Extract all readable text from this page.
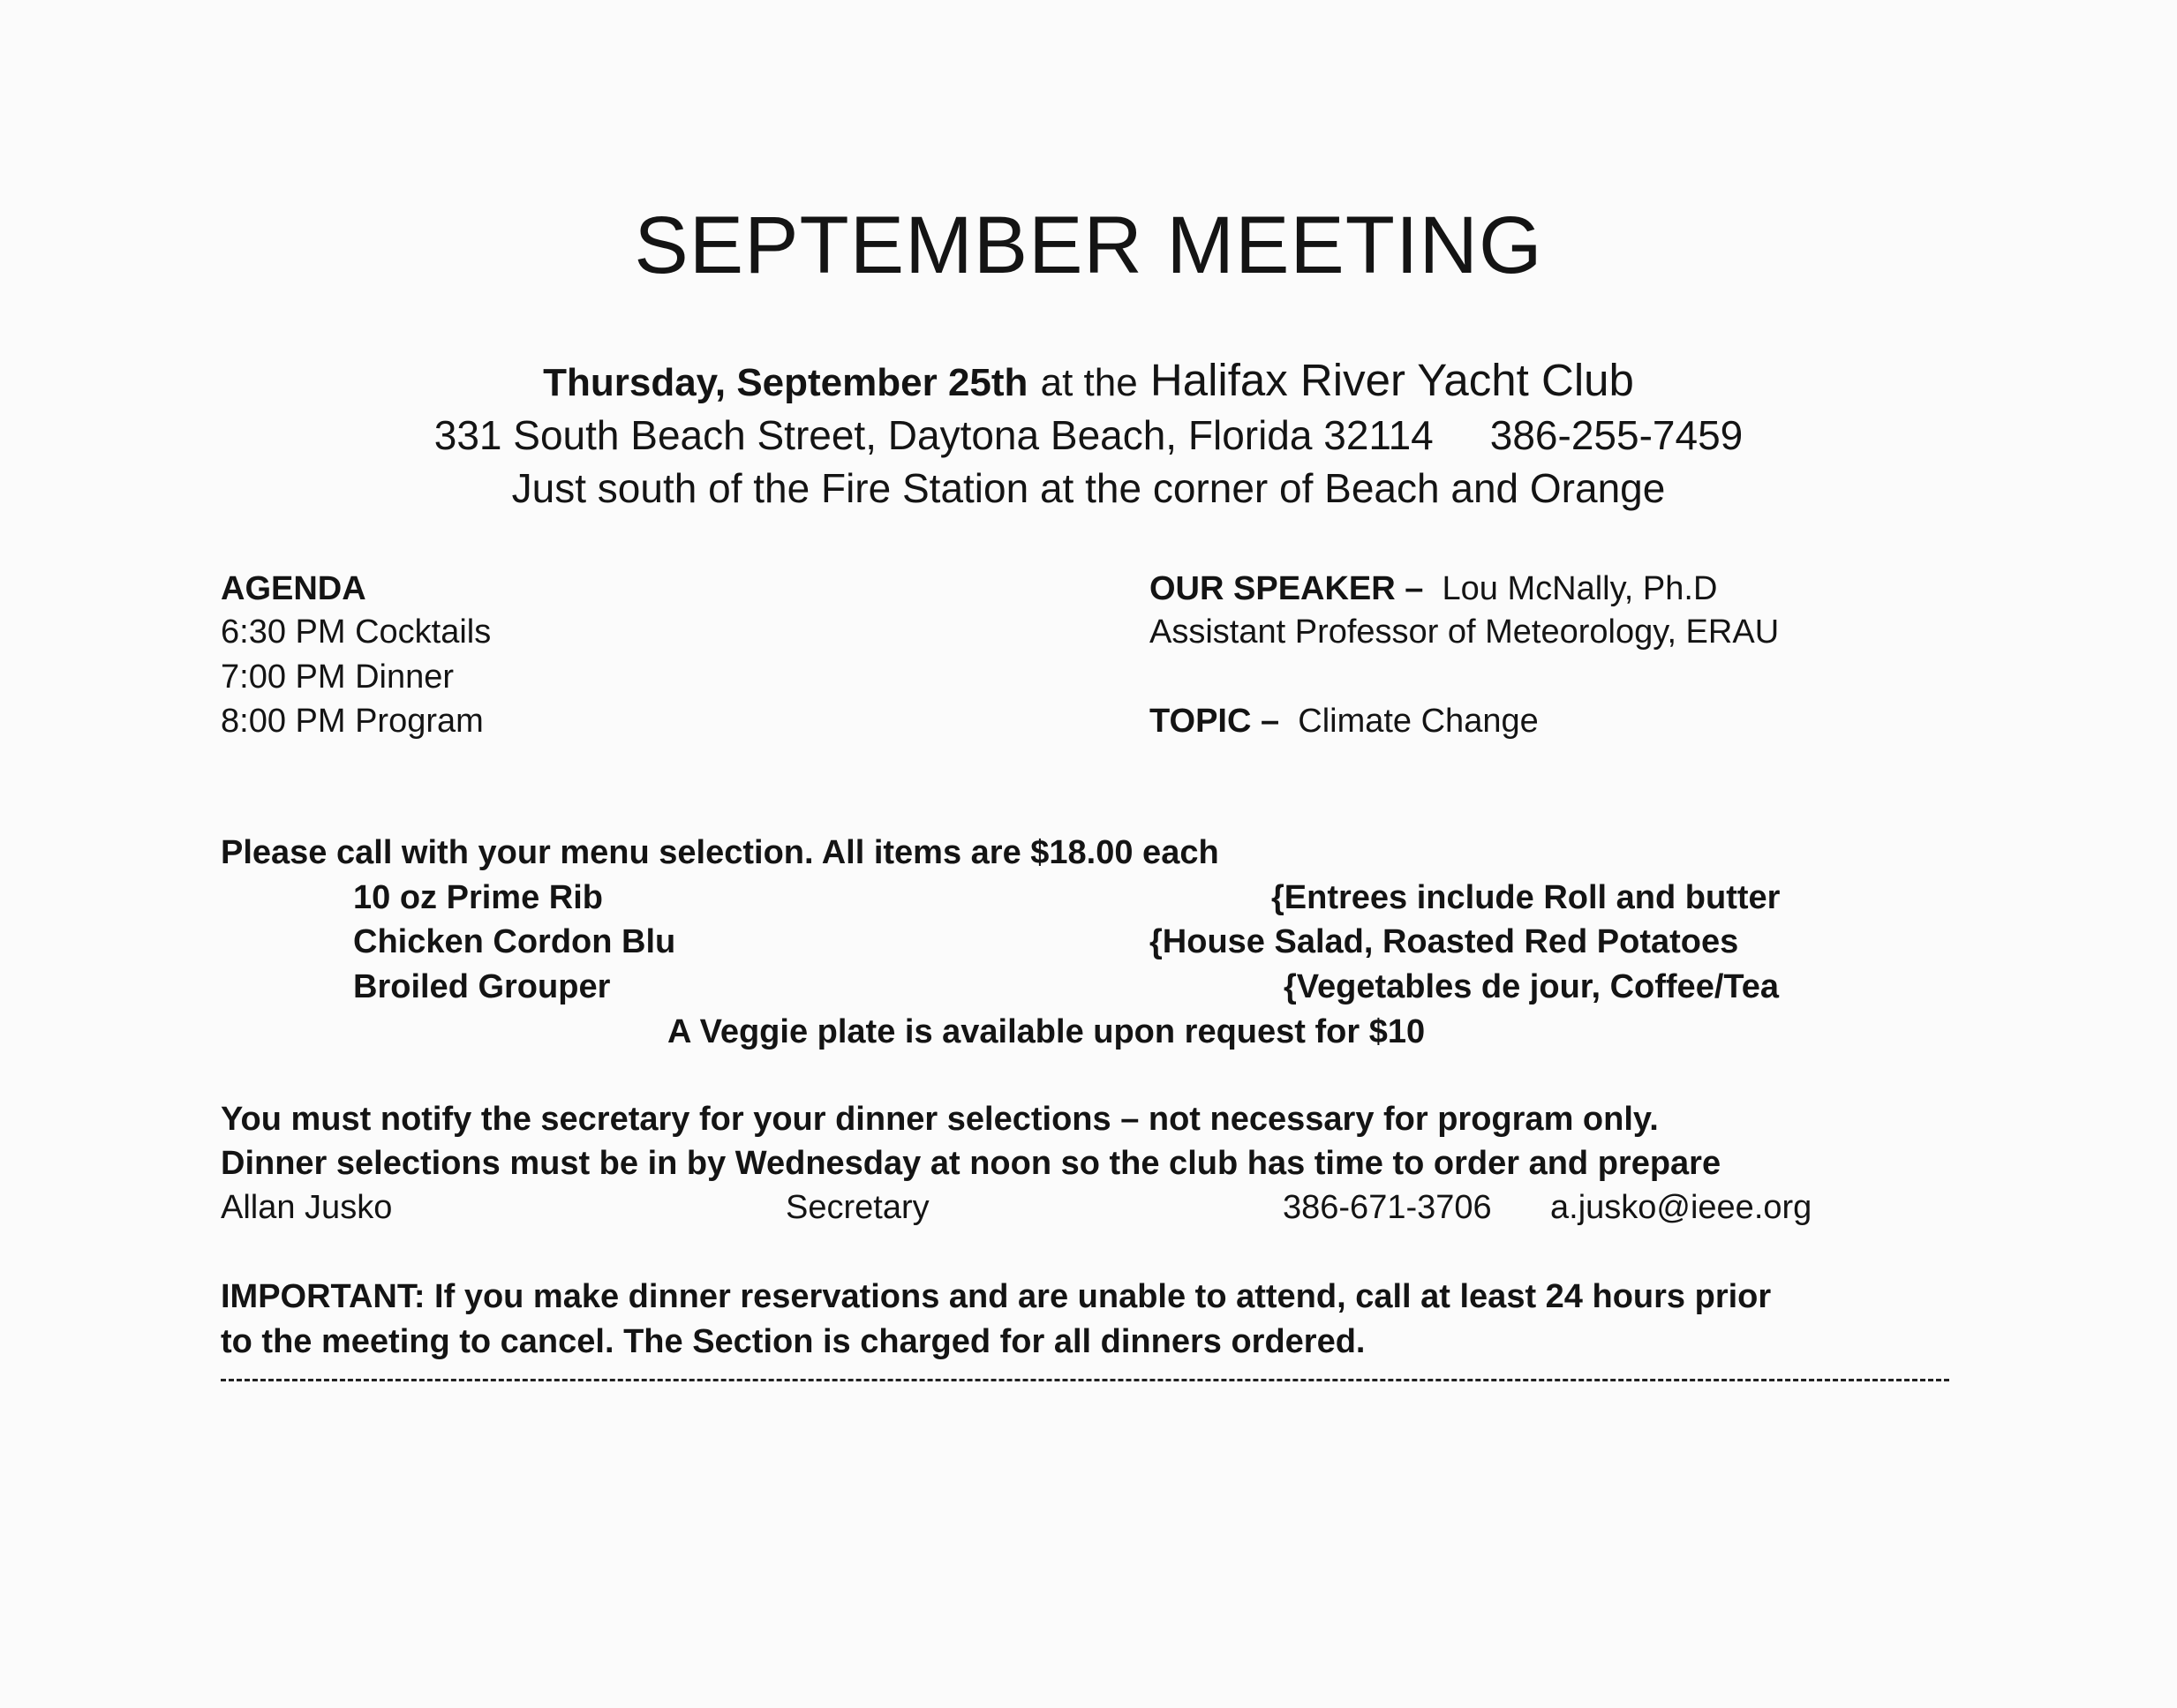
SEPTEMBER MEETING
Thursday, September 25th at the Halifax River Yacht Club
331 South Beach Street, Daytona Beach, Florida 32114 386-255-7459
Just south of the Fire Station at the corner of Beach and Orange
AGENDA
6:30 PM Cocktails
7:00 PM Dinner
8:00 PM Program
OUR SPEAKER – Lou McNally, Ph.D
Assistant Professor of Meteorology, ERAU
TOPIC – Climate Change
Please call with your menu selection. All items are $18.00 each
10 oz Prime Rib
Chicken Cordon Blu
Broiled Grouper
{Entrees include Roll and butter
{House Salad, Roasted Red Potatoes
{Vegetables de jour, Coffee/Tea
A Veggie plate is available upon request for $10
You must notify the secretary for your dinner selections – not necessary for program only.
Dinner selections must be in by Wednesday at noon so the club has time to order and prepare
Allan Jusko	Secretary	386-671-3706 a.jusko@ieee.org
IMPORTANT: If you make dinner reservations and are unable to attend, call at least 24 hours prior
to the meeting to cancel. The Section is charged for all dinners ordered.
